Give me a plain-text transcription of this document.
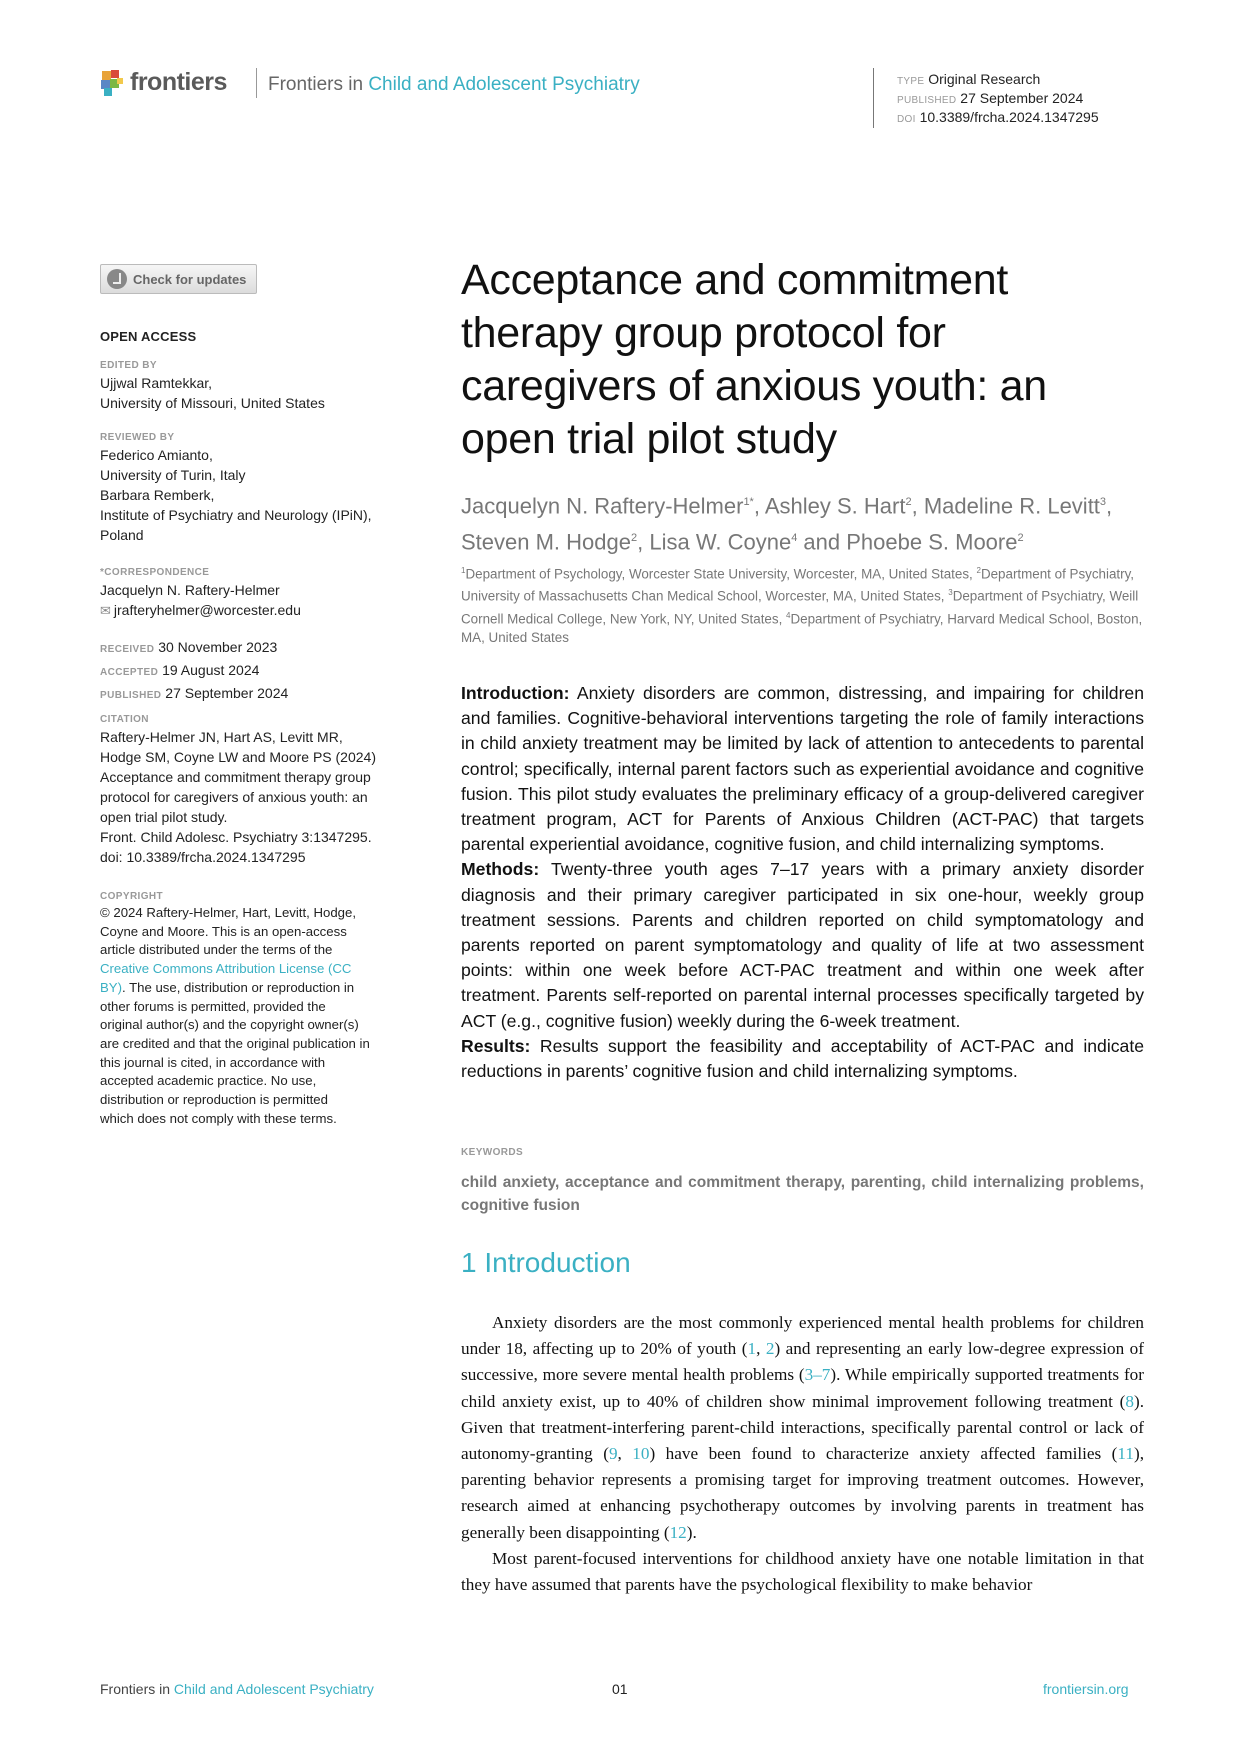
frontiers Frontiers in Child and Adolescent Psychiatry	TYPE Original Research
PUBLISHED 27 September 2024
DOI 10.3389/frcha.2024.1347295
Check for updates
OPEN ACCESS
EDITED BY
Ujjwal Ramtekkar,
University of Missouri, United States
REVIEWED BY
Federico Amianto,
University of Turin, Italy
Barbara Remberk,
Institute of Psychiatry and Neurology (IPiN),
Poland
*CORRESPONDENCE
Jacquelyn N. Raftery-Helmer
✉ jrafteryhelmer@worcester.edu
RECEIVED 30 November 2023
ACCEPTED 19 August 2024
PUBLISHED 27 September 2024
CITATION
Raftery-Helmer JN, Hart AS, Levitt MR,
Hodge SM, Coyne LW and Moore PS (2024)
Acceptance and commitment therapy group
protocol for caregivers of anxious youth: an
open trial pilot study.
Front. Child Adolesc. Psychiatry 3:1347295.
doi: 10.3389/frcha.2024.1347295
COPYRIGHT
© 2024 Raftery-Helmer, Hart, Levitt, Hodge,
Coyne and Moore. This is an open-access
article distributed under the terms of the
Creative Commons Attribution License (CC
BY). The use, distribution or reproduction in
other forums is permitted, provided the
original author(s) and the copyright owner(s)
are credited and that the original publication in
this journal is cited, in accordance with
accepted academic practice. No use,
distribution or reproduction is permitted
which does not comply with these terms.
Acceptance and commitment
therapy group protocol for
caregivers of anxious youth: an
open trial pilot study
Jacquelyn N. Raftery-Helmer$^{1*}$, Ashley S. Hart$^2$, Madeline R. Levitt$^3$,
Steven M. Hodge$^2$, Lisa W. Coyne$^4$ and Phoebe S. Moore$^2$
$^1$Department of Psychology, Worcester State University, Worcester, MA, United States, $^2$Department of Psychiatry, University of Massachusetts Chan Medical School, Worcester, MA, United States, $^3$Department of Psychiatry, Weill Cornell Medical College, New York, NY, United States, $^4$Department of Psychiatry, Harvard Medical School, Boston, MA, United States

Introduction: Anxiety disorders are common, distressing, and impairing for children and families. Cognitive-behavioral interventions targeting the role of family interactions in child anxiety treatment may be limited by lack of attention to antecedents to parental control; specifically, internal parent factors such as experiential avoidance and cognitive fusion. This pilot study evaluates the preliminary efficacy of a group-delivered caregiver treatment program, ACT for Parents of Anxious Children (ACT-PAC) that targets parental experiential avoidance, cognitive fusion, and child internalizing symptoms.

Methods: Twenty-three youth ages 7–17 years with a primary anxiety disorder diagnosis and their primary caregiver participated in six one-hour, weekly group treatment sessions. Parents and children reported on child symptomatology and parents reported on parent symptomatology and quality of life at two assessment points: within one week before ACT-PAC treatment and within one week after treatment. Parents self-reported on parental internal processes specifically targeted by ACT (e.g., cognitive fusion) weekly during the 6-week treatment.

Results: Results support the feasibility and acceptability of ACT-PAC and indicate reductions in parents’ cognitive fusion and child internalizing symptoms.

KEYWORDS
child anxiety, acceptance and commitment therapy, parenting, child internalizing problems, cognitive fusion
1 Introduction

Anxiety disorders are the most commonly experienced mental health problems for children under 18, affecting up to 20% of youth (1, 2) and representing an early low-degree expression of successive, more severe mental health problems (3–7). While empirically supported treatments for child anxiety exist, up to 40% of children show minimal improvement following treatment (8). Given that treatment-interfering parent-child interactions, specifically parental control or lack of autonomy-granting (9, 10) have been found to characterize anxiety affected families (11), parenting behavior represents a promising target for improving treatment outcomes. However, research aimed at enhancing psychotherapy outcomes by involving parents in treatment has generally been disappointing (12).

Most parent-focused interventions for childhood anxiety have one notable limitation in that they have assumed that parents have the psychological flexibility to make behavior

Frontiers in Child and Adolescent Psychiatry	01	frontiersin.org
